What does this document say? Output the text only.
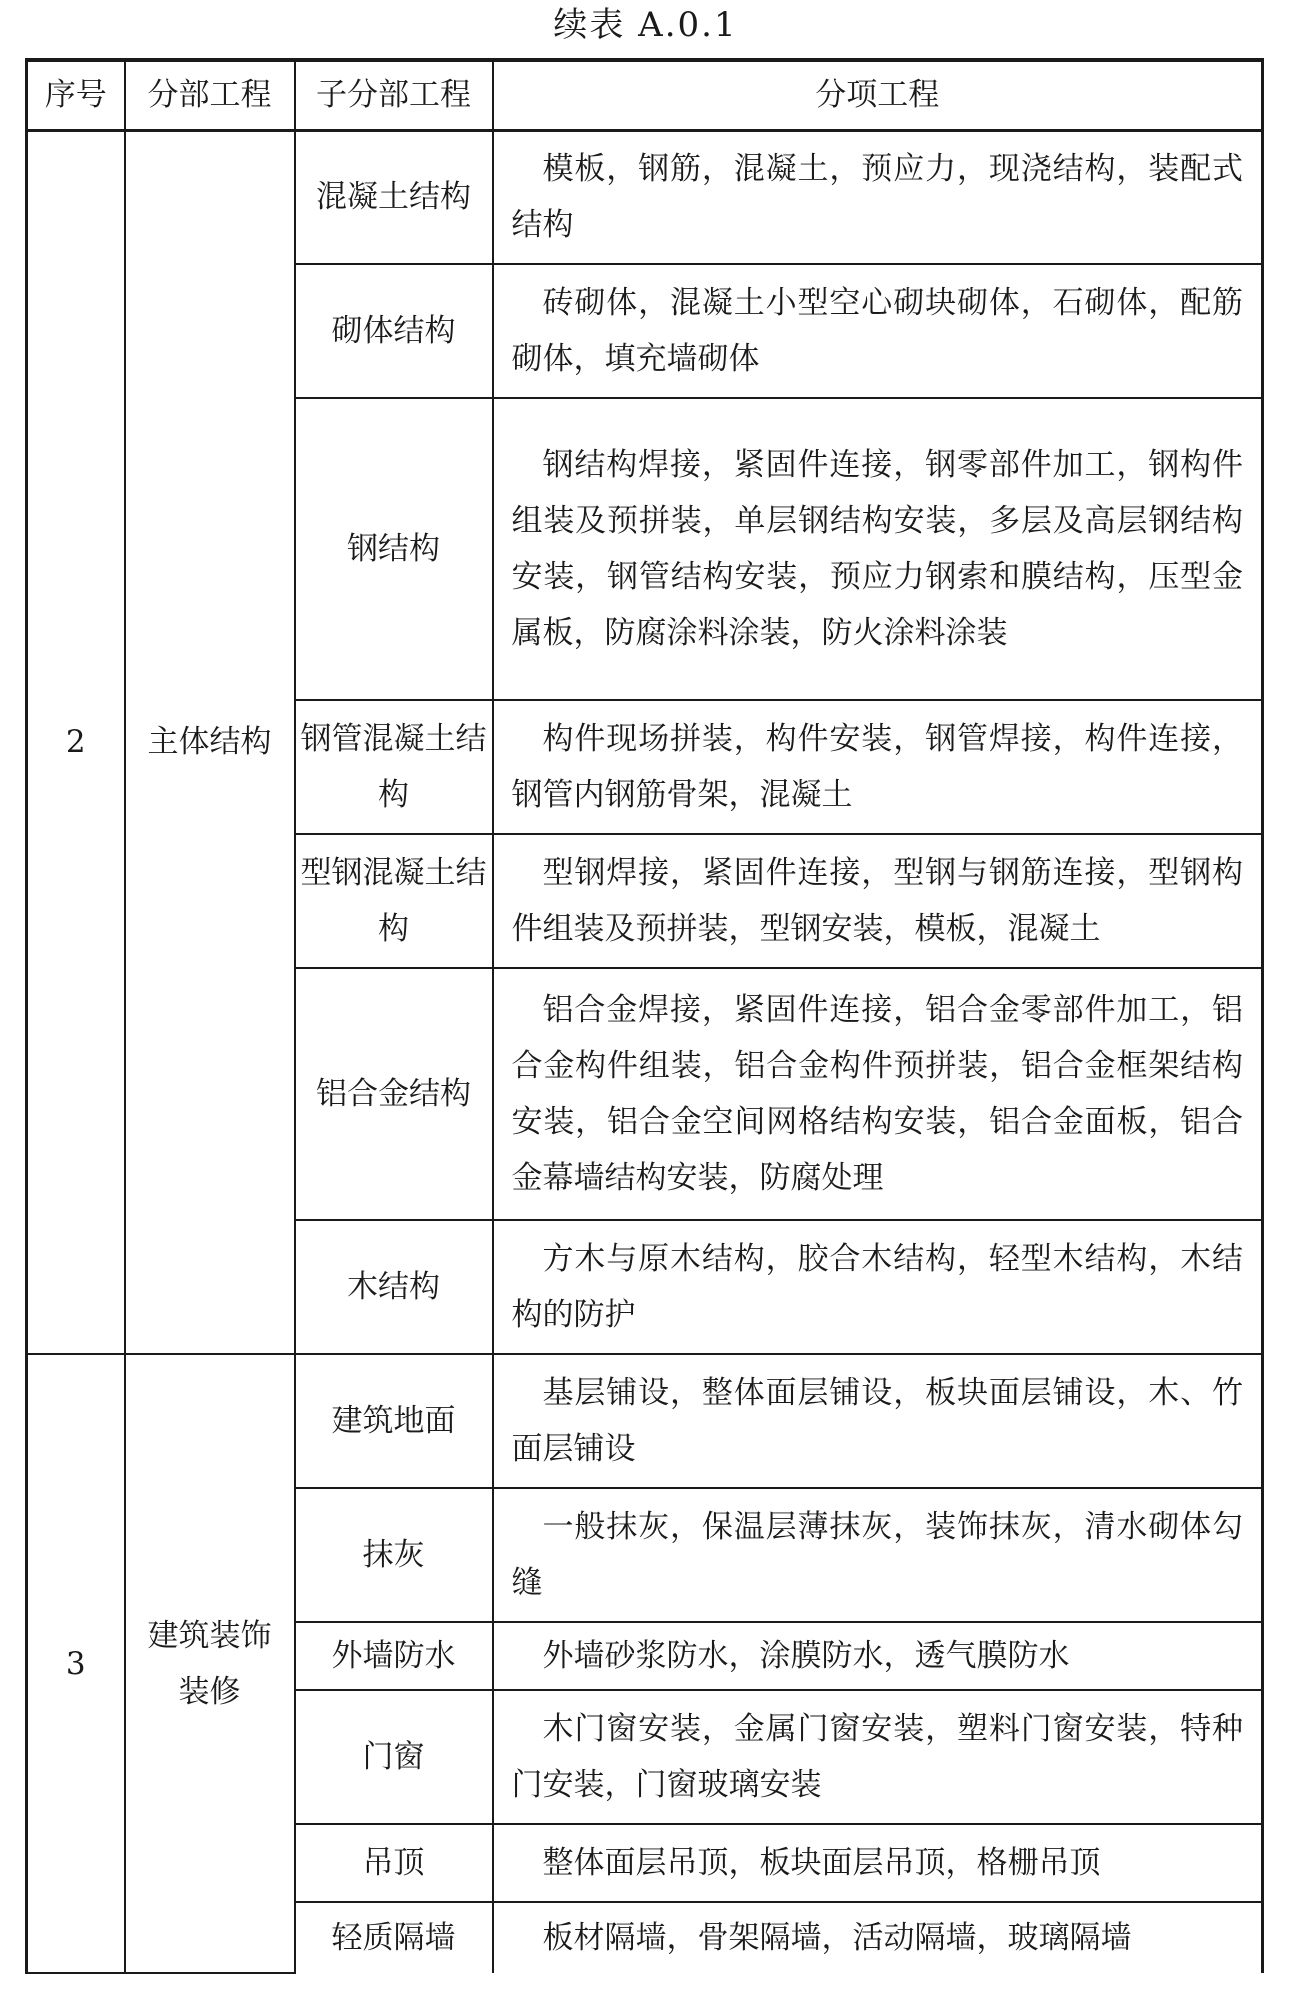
续表 A.0.1
序号	分部工程	子分部工程	分项工程
2	主体结构	混凝土结构	模板，钢筋，混凝土，预应力，现浇结构，装配式结构

		砌体结构	砖砌体，混凝土小型空心砌块砌体，石砌体，配筋砌体，填充墙砌体

		钢结构	钢结构焊接，紧固件连接，钢零部件加工，钢构件组装及预拼装，单层钢结构安装，多层及高层钢结构安装，钢管结构安装，预应力钢索和膜结构，压型金属板，防腐涂料涂装，防火涂料涂装

		钢管混凝土结构	构件现场拼装，构件安装，钢管焊接，构件连接，钢管内钢筋骨架，混凝土

		型钢混凝土结构	型钢焊接，紧固件连接，型钢与钢筋连接，型钢构件组装及预拼装，型钢安装，模板，混凝土

		铝合金结构	铝合金焊接，紧固件连接，铝合金零部件加工，铝合金构件组装，铝合金构件预拼装，铝合金框架结构安装，铝合金空间网格结构安装，铝合金面板，铝合金幕墙结构安装，防腐处理

		木结构	方木与原木结构，胶合木结构，轻型木结构，木结构的防护

3	建筑装饰装修	建筑地面	基层铺设，整体面层铺设，板块面层铺设，木、竹面层铺设

		抹灰	一般抹灰，保温层薄抹灰，装饰抹灰，清水砌体勾缝

		外墙防水	外墙砂浆防水，涂膜防水，透气膜防水

		门窗	木门窗安装，金属门窗安装，塑料门窗安装，特种门安装，门窗玻璃安装

		吊顶	整体面层吊顶，板块面层吊顶，格栅吊顶

		轻质隔墙	板材隔墙，骨架隔墙，活动隔墙，玻璃隔墙
